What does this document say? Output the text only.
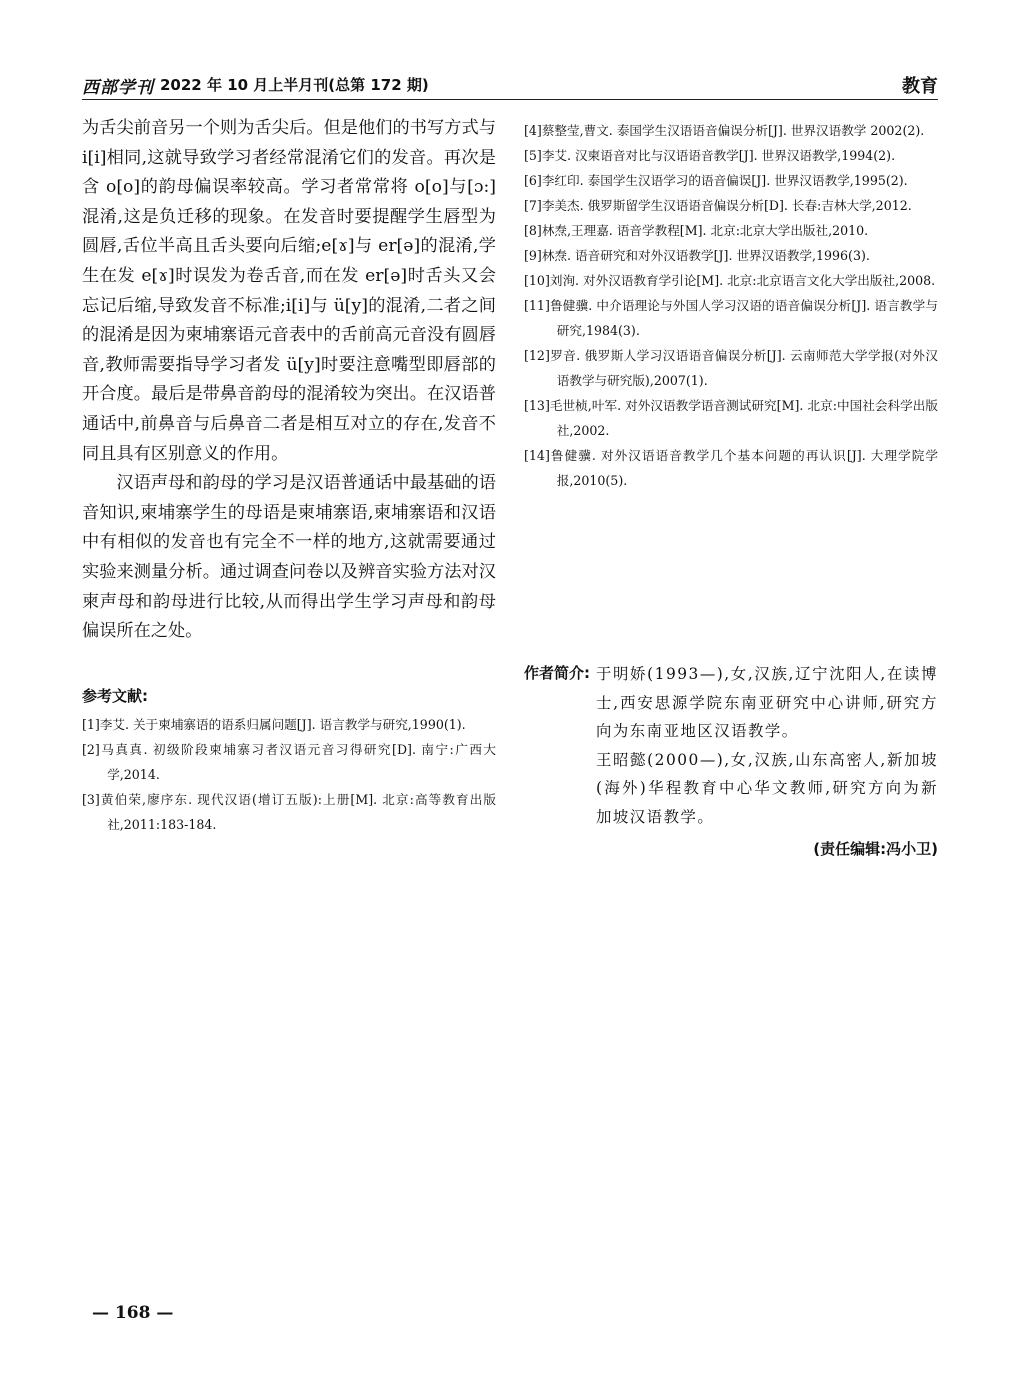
西部学刊 2022 年 10 月上半月刊(总第 172 期)	教育

为舌尖前音另一个则为舌尖后。但是他们的书写方式与 i[i]相同,这就导致学习者经常混淆它们的发音。再次是含 o[o]的韵母偏误率较高。学习者常常将 o[o]与[ɔ:]混淆,这是负迁移的现象。在发音时要提醒学生唇型为圆唇,舌位半高且舌头要向后缩;e[ɤ]与 er[ə]的混淆,学生在发 e[ɤ]时误发为卷舌音,而在发 er[ə]时舌头又会忘记后缩,导致发音不标准;i[i]与 ü[y]的混淆,二者之间的混淆是因为柬埔寨语元音表中的舌前高元音没有圆唇音,教师需要指导学习者发 ü[y]时要注意嘴型即唇部的开合度。最后是带鼻音韵母的混淆较为突出。在汉语普通话中,前鼻音与后鼻音二者是相互对立的存在,发音不同且具有区别意义的作用。

汉语声母和韵母的学习是汉语普通话中最基础的语音知识,柬埔寨学生的母语是柬埔寨语,柬埔寨语和汉语中有相似的发音也有完全不一样的地方,这就需要通过实验来测量分析。通过调查问卷以及辨音实验方法对汉柬声母和韵母进行比较,从而得出学生学习声母和韵母偏误所在之处。

参考文献:

[1]李艾. 关于柬埔寨语的语系归属问题[J]. 语言教学与研究,1990(1).

[2]马真真. 初级阶段柬埔寨习者汉语元音习得研究[D]. 南宁:广西大学,2014.

[3]黄伯荣,廖序东. 现代汉语(增订五版):上册[M]. 北京:高等教育出版社,2011:183-184.

[4]蔡整莹,曹文. 泰国学生汉语语音偏误分析[J]. 世界汉语教学 2002(2).

[5]李艾. 汉柬语音对比与汉语语音教学[J]. 世界汉语教学,1994(2).

[6]李红印. 泰国学生汉语学习的语音偏误[J]. 世界汉语教学,1995(2).

[7]李美杰. 俄罗斯留学生汉语语音偏误分析[D]. 长春:吉林大学,2012.

[8]林焘,王理嘉. 语音学教程[M]. 北京:北京大学出版社,2010.

[9]林焘. 语音研究和对外汉语教学[J]. 世界汉语教学,1996(3).

[10]刘洵. 对外汉语教育学引论[M]. 北京:北京语言文化大学出版社,2008.

[11]鲁健骥. 中介语理论与外国人学习汉语的语音偏误分析[J]. 语言教学与研究,1984(3).

[12]罗音. 俄罗斯人学习汉语语音偏误分析[J]. 云南师范大学学报(对外汉语教学与研究版),2007(1).

[13]毛世桢,叶军. 对外汉语教学语音测试研究[M]. 北京:中国社会科学出版社,2002.

[14]鲁健骥. 对外汉语语音教学几个基本问题的再认识[J]. 大理学院学报,2010(5).

作者简介: 于明娇(1993—),女,汉族,辽宁沈阳人,在读博士,西安思源学院东南亚研究中心讲师,研究方向为东南亚地区汉语教学。

王昭懿(2000—),女,汉族,山东高密人,新加坡(海外)华程教育中心华文教师,研究方向为新加坡汉语教学。

(责任编辑:冯小卫)
— 168 —
